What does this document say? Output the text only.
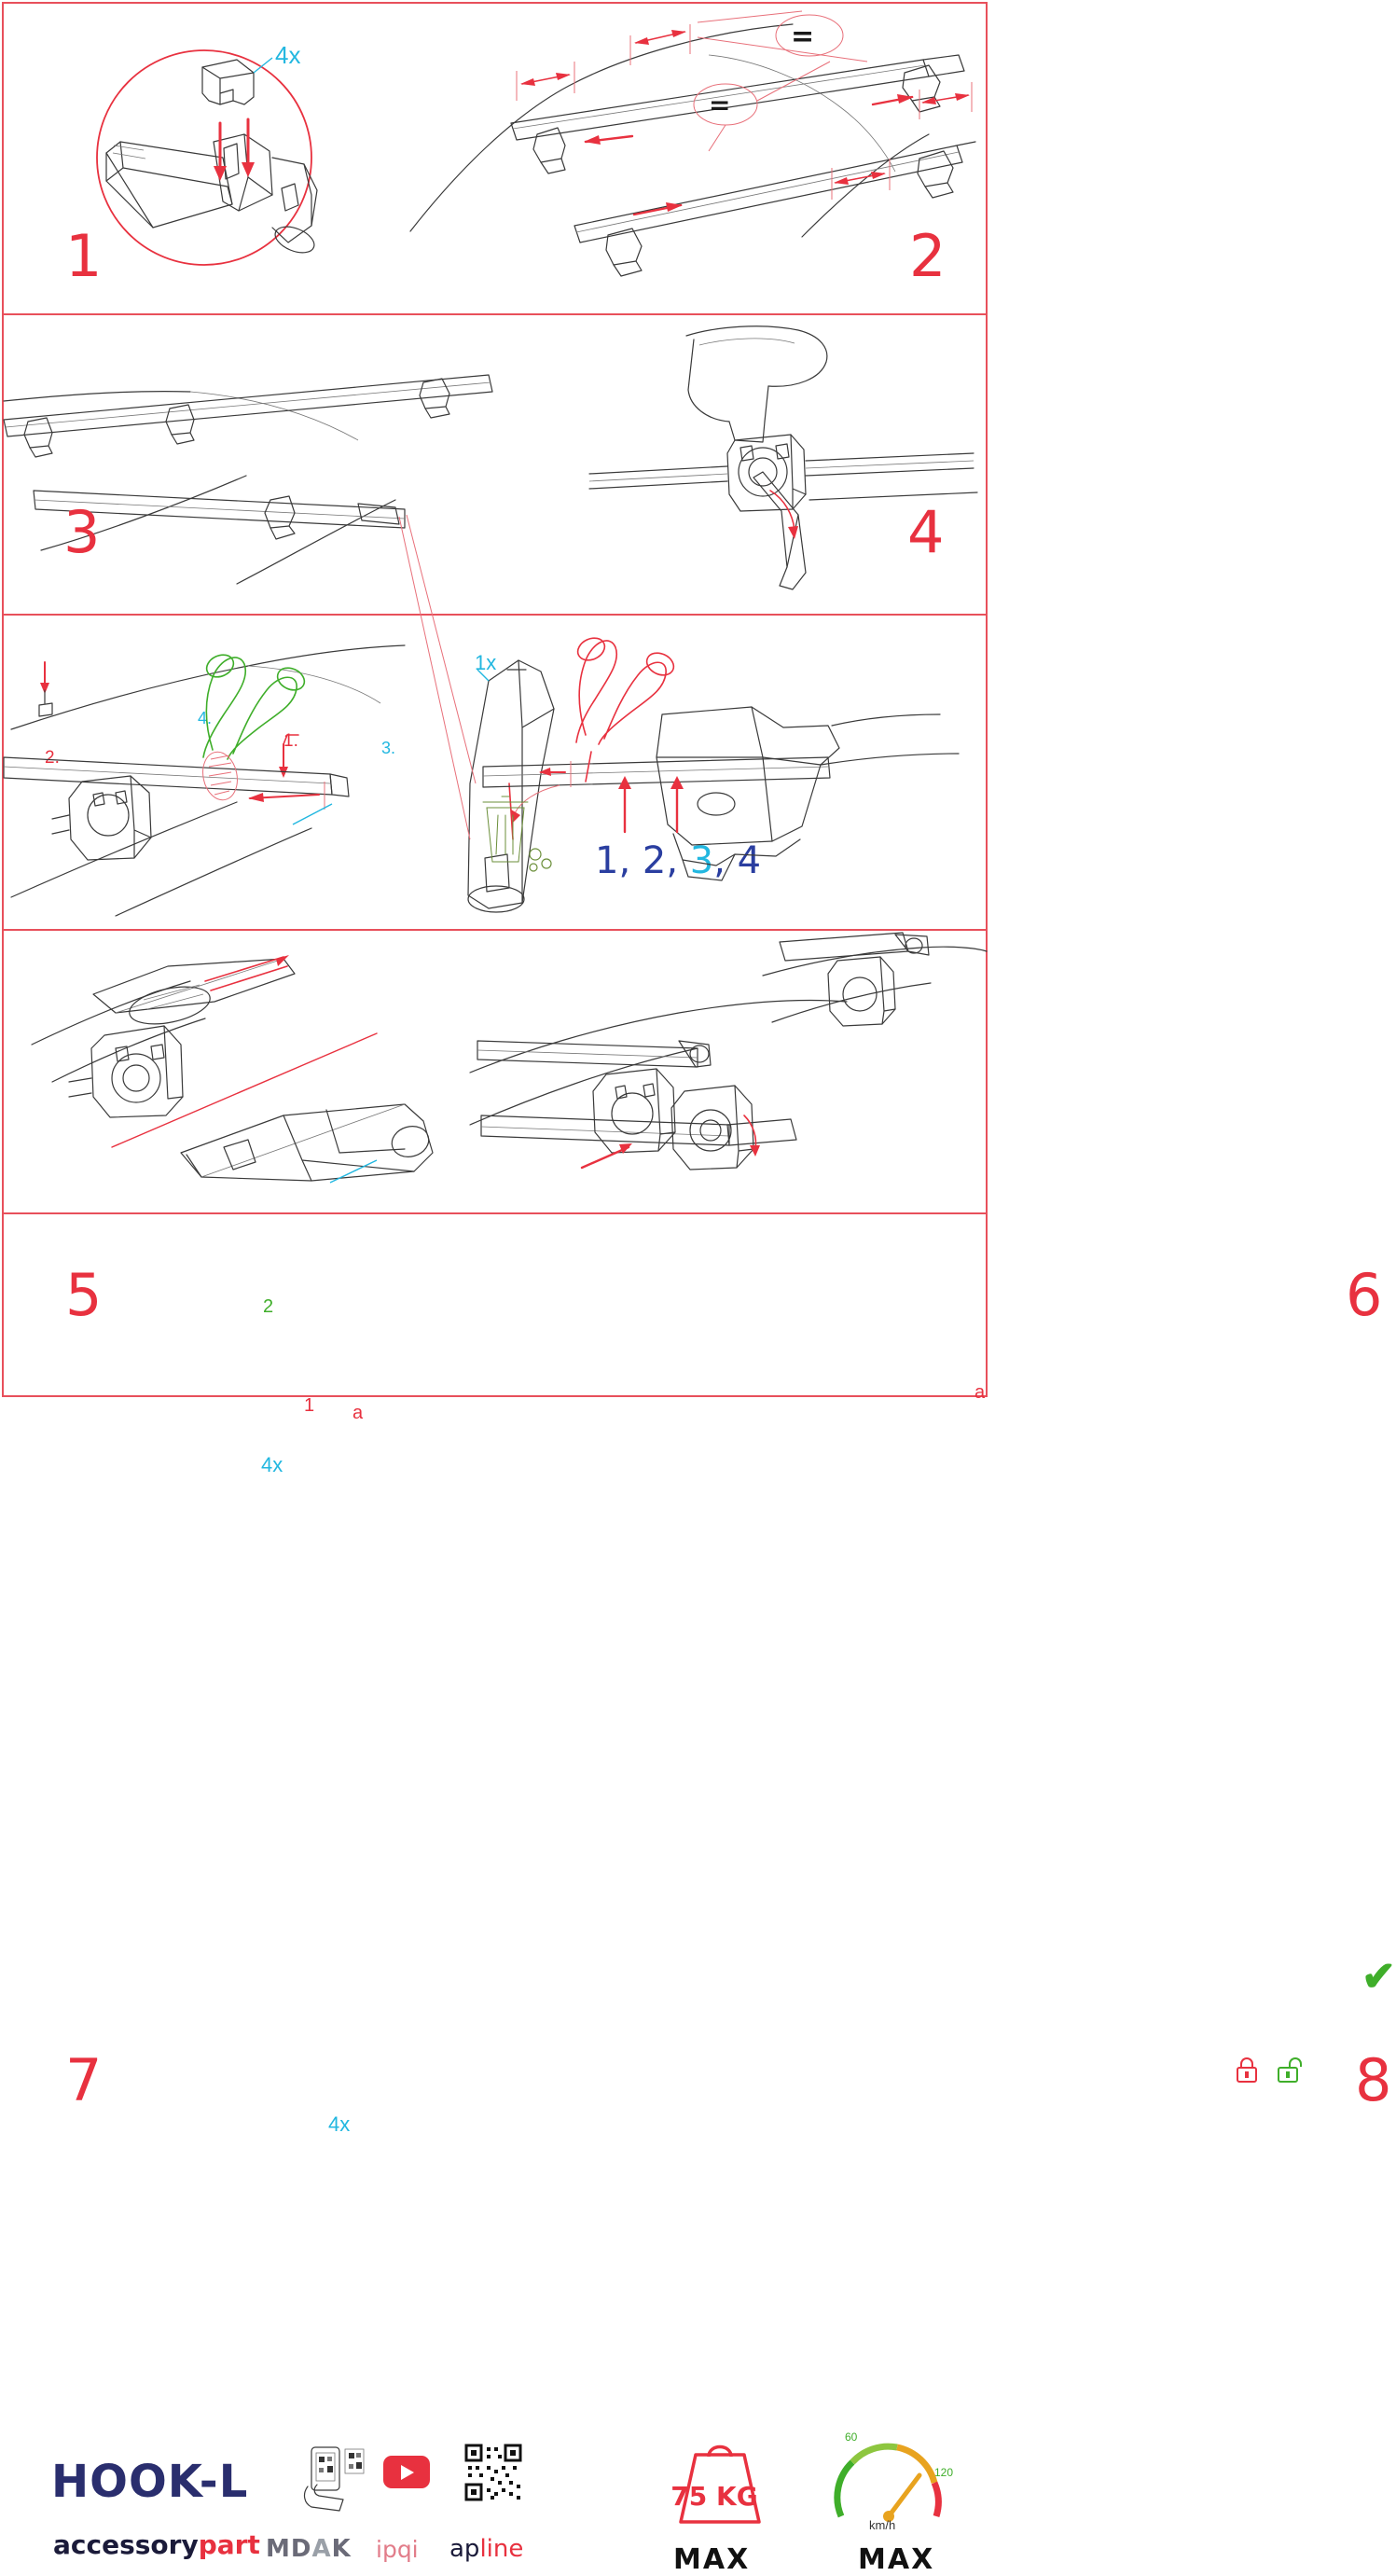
4x
1
=
=
2
2.
1.	3.
4.
1x
3
1, 2, 3, 4
4
1
2
a
4x
5
a
6
4x
7
✔
8
HOOK-L
accessorypart MDAK ipqi apline
75 KG
MAX
60
120
km/h
MAX
